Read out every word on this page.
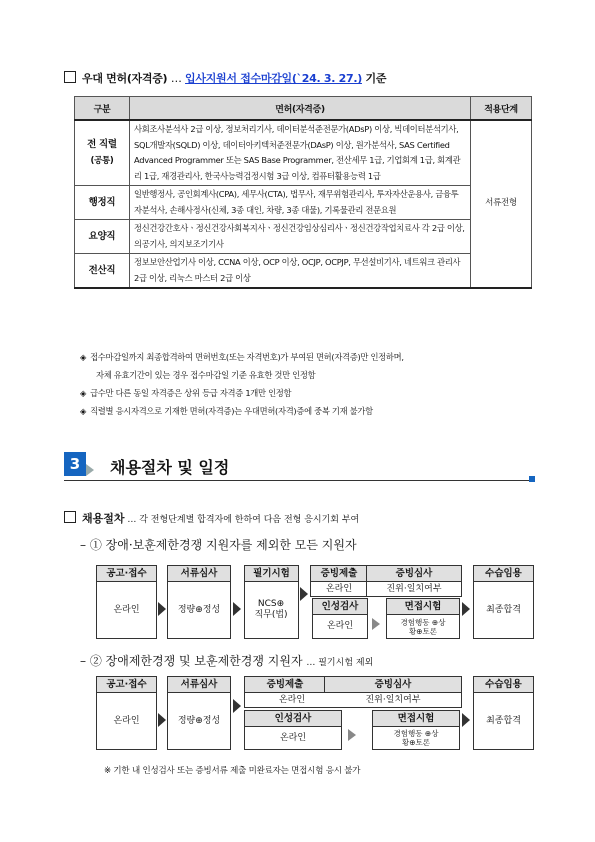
우대 면허(자격증) … 입사지원서 접수마감일(`24. 3. 27.) 기준
구분	면허(자격증)	적용단계
전 직렬
(공통)	사회조사분석사 2급 이상, 정보처리기사, 데이터분석준전문가(ADsP) 이상, 빅데이터분석기사, SQL개발자(SQLD) 이상, 데이터아키텍처준전문가(DAsP) 이상, 원가분석사, SAS Certified Advanced Programmer 또는 SAS Base Programmer, 전산세무 1급, 기업회계 1급, 회계관리 1급, 재경관리사, 한국사능력검정시험 3급 이상, 컴퓨터활용능력 1급	서류전형
행정직	일반행정사, 공인회계사(CPA), 세무사(CTA), 법무사, 재무위험관리사, 투자자산운용사, 금융투자분석사, 손해사정사(신체, 3종 대인, 차량, 3종 대물), 기록물관리 전문요원	
요양직	정신건강간호사ㆍ정신건강사회복지사ㆍ정신건강임상심리사ㆍ정신건강작업치료사 각 2급 이상, 의공기사, 의지보조기기사	
전산직	정보보안산업기사 이상, CCNA 이상, OCP 이상, OCJP, OCPJP, 무선설비기사, 네트워크 관리사 2급 이상, 리눅스 마스터 2급 이상	
◈ 접수마감일까지 최종합격하여 면허번호(또는 자격번호)가 부여된 면허(자격증)만 인정하며,
자체 유효기간이 있는 경우 접수마감일 기준 유효한 것만 인정함
◈ 급수만 다른 동일 자격증은 상위 등급 자격증 1개만 인정함
◈ 직렬별 응시자격으로 기재한 면허(자격증)는 우대면허(자격)증에 중복 기재 불가함
3	채용절차 및 일정
채용절차 … 각 전형단계별 합격자에 한하여 다음 전형 응시기회 부여
– ① 장애·보훈제한경쟁 지원자를 제외한 모든 지원자
공고·접수
온라인
서류심사
정량⊕정성
필기시험
NCS⊕ 직무(법)
증빙제출	증빙심사
온라인	진위·일치여부
인성검사
온라인
면접시험
경험행동 ⊕상황⊕토론
수습임용
최종합격
– ② 장애제한경쟁 및 보훈제한경쟁 지원자 … 필기시험 제외
공고·접수
온라인
서류심사
정량⊕정성
증빙제출	증빙심사
온라인	진위·일치여부
인성검사
온라인
면접시험
경험행동 ⊕상황⊕토론
수습임용
최종합격
※ 기한 내 인성검사 또는 증빙서류 제출 미완료자는 면접시험 응시 불가
